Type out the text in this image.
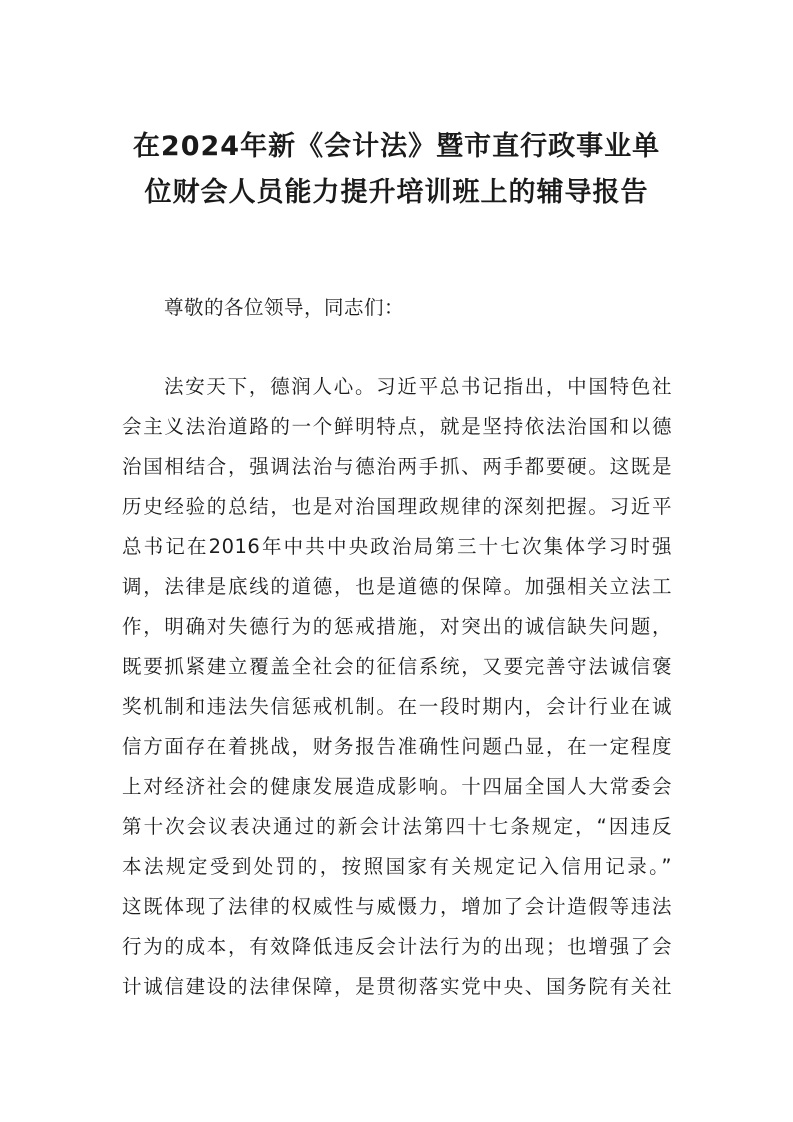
在2024年新《会计法》暨市直行政事业单
位财会人员能力提升培训班上的辅导报告
尊敬的各位领导，同志们：
法安天下，德润人心。习近平总书记指出，中国特色社
会主义法治道路的一个鲜明特点，就是坚持依法治国和以德
治国相结合，强调法治与德治两手抓、两手都要硬。这既是
历史经验的总结，也是对治国理政规律的深刻把握。习近平
总书记在2016年中共中央政治局第三十七次集体学习时强
调，法律是底线的道德，也是道德的保障。加强相关立法工
作，明确对失德行为的惩戒措施，对突出的诚信缺失问题，
既要抓紧建立覆盖全社会的征信系统，又要完善守法诚信褒
奖机制和违法失信惩戒机制。在一段时期内，会计行业在诚
信方面存在着挑战，财务报告准确性问题凸显，在一定程度
上对经济社会的健康发展造成影响。十四届全国人大常委会
第十次会议表决通过的新会计法第四十七条规定，“因违反
本法规定受到处罚的，按照国家有关规定记入信用记录。”
这既体现了法律的权威性与威慑力，增加了会计造假等违法
行为的成本，有效降低违反会计法行为的出现；也增强了会
计诚信建设的法律保障，是贯彻落实党中央、国务院有关社
